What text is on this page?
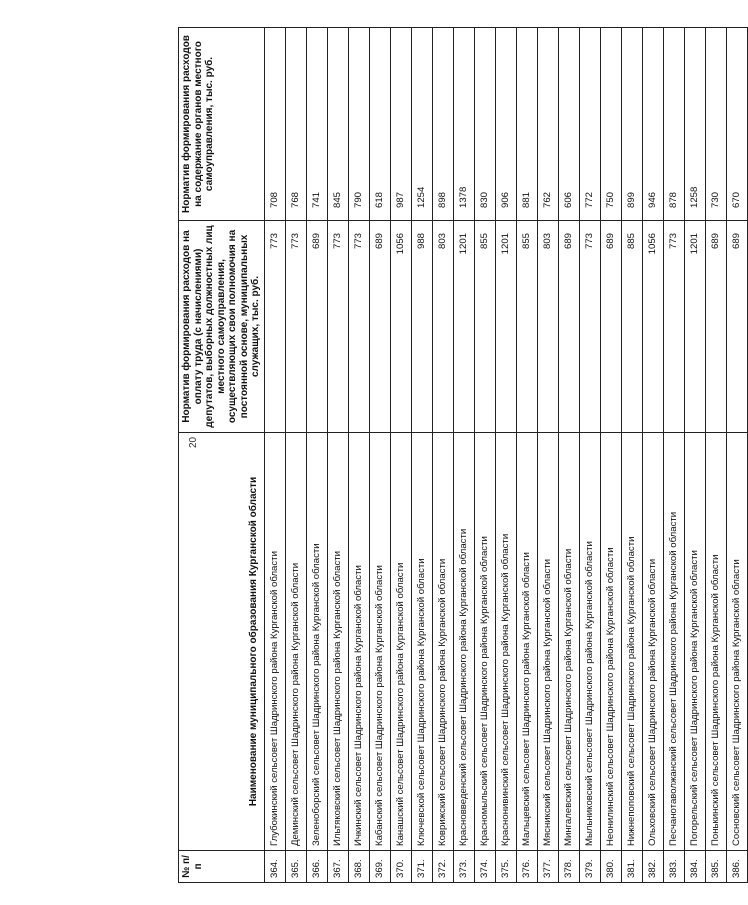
20
№ п/п	Наименование муниципального образования Курганской области	Норматив формирования расходов на оплату труда (с начислениями) депутатов, выборных должностных лиц местного самоуправления, осуществляющих свои полномочия на постоянной основе, муниципальных служащих, тыс. руб.	Норматив формирования расходов на содержание органов местного самоуправления, тыс. руб.
364.	Глубокинский сельсовет Шадринского района Курганской области	773	708
365.	Деминский сельсовет Шадринского района Курганской области	773	768
366.	Зеленоборский сельсовет Шадринского района Курганской области	689	741
367.	Ильтяковский сельсовет Шадринского района Курганской области	773	845
368.	Ичкинский сельсовет Шадринского района Курганской области	773	790
369.	Кабанский сельсовет Шадринского района Курганской области	689	618
370.	Канашский сельсовет Шадринского района Курганской области	1056	987
371.	Ключевской сельсовет Шадринского района Курганской области	988	1254
372.	Коврижский сельсовет Шадринского района Курганской области	803	898
373.	Красновведенский сельсовет Шадринского района Курганской области	1201	1378
374.	Красномыльский сельсовет Шадринского района Курганской области	855	830
375.	Краснонивинский сельсовет Шадринского района Курганской области	1201	906
376.	Мальцевский сельсовет Шадринского района Курганской области	855	881
377.	Мясникский сельсовет Шадринского района Курганской области	803	762
378.	Мингалевский сельсовет Шадринского района Курганской области	689	606
379.	Мыльниковский сельсовет Шадринского района Курганской области	773	772
380.	Неонилинский сельсовет Шадринского района Курганской области	689	750
381.	Нижнепоповский сельсовет Шадринского района Курганской области	885	899
382.	Ольховский сельсовет Шадринского района Курганской области	1056	946
383.	Песчанотаволжанский сельсовет Шадринского района Курганской области	773	878
384.	Погорельский сельсовет Шадринского района Курганской области	1201	1258
385.	Понькинский сельсовет Шадринского района Курганской области	689	730
386.	Сосновский сельсовет Шадринского района Курганской области	689	670
